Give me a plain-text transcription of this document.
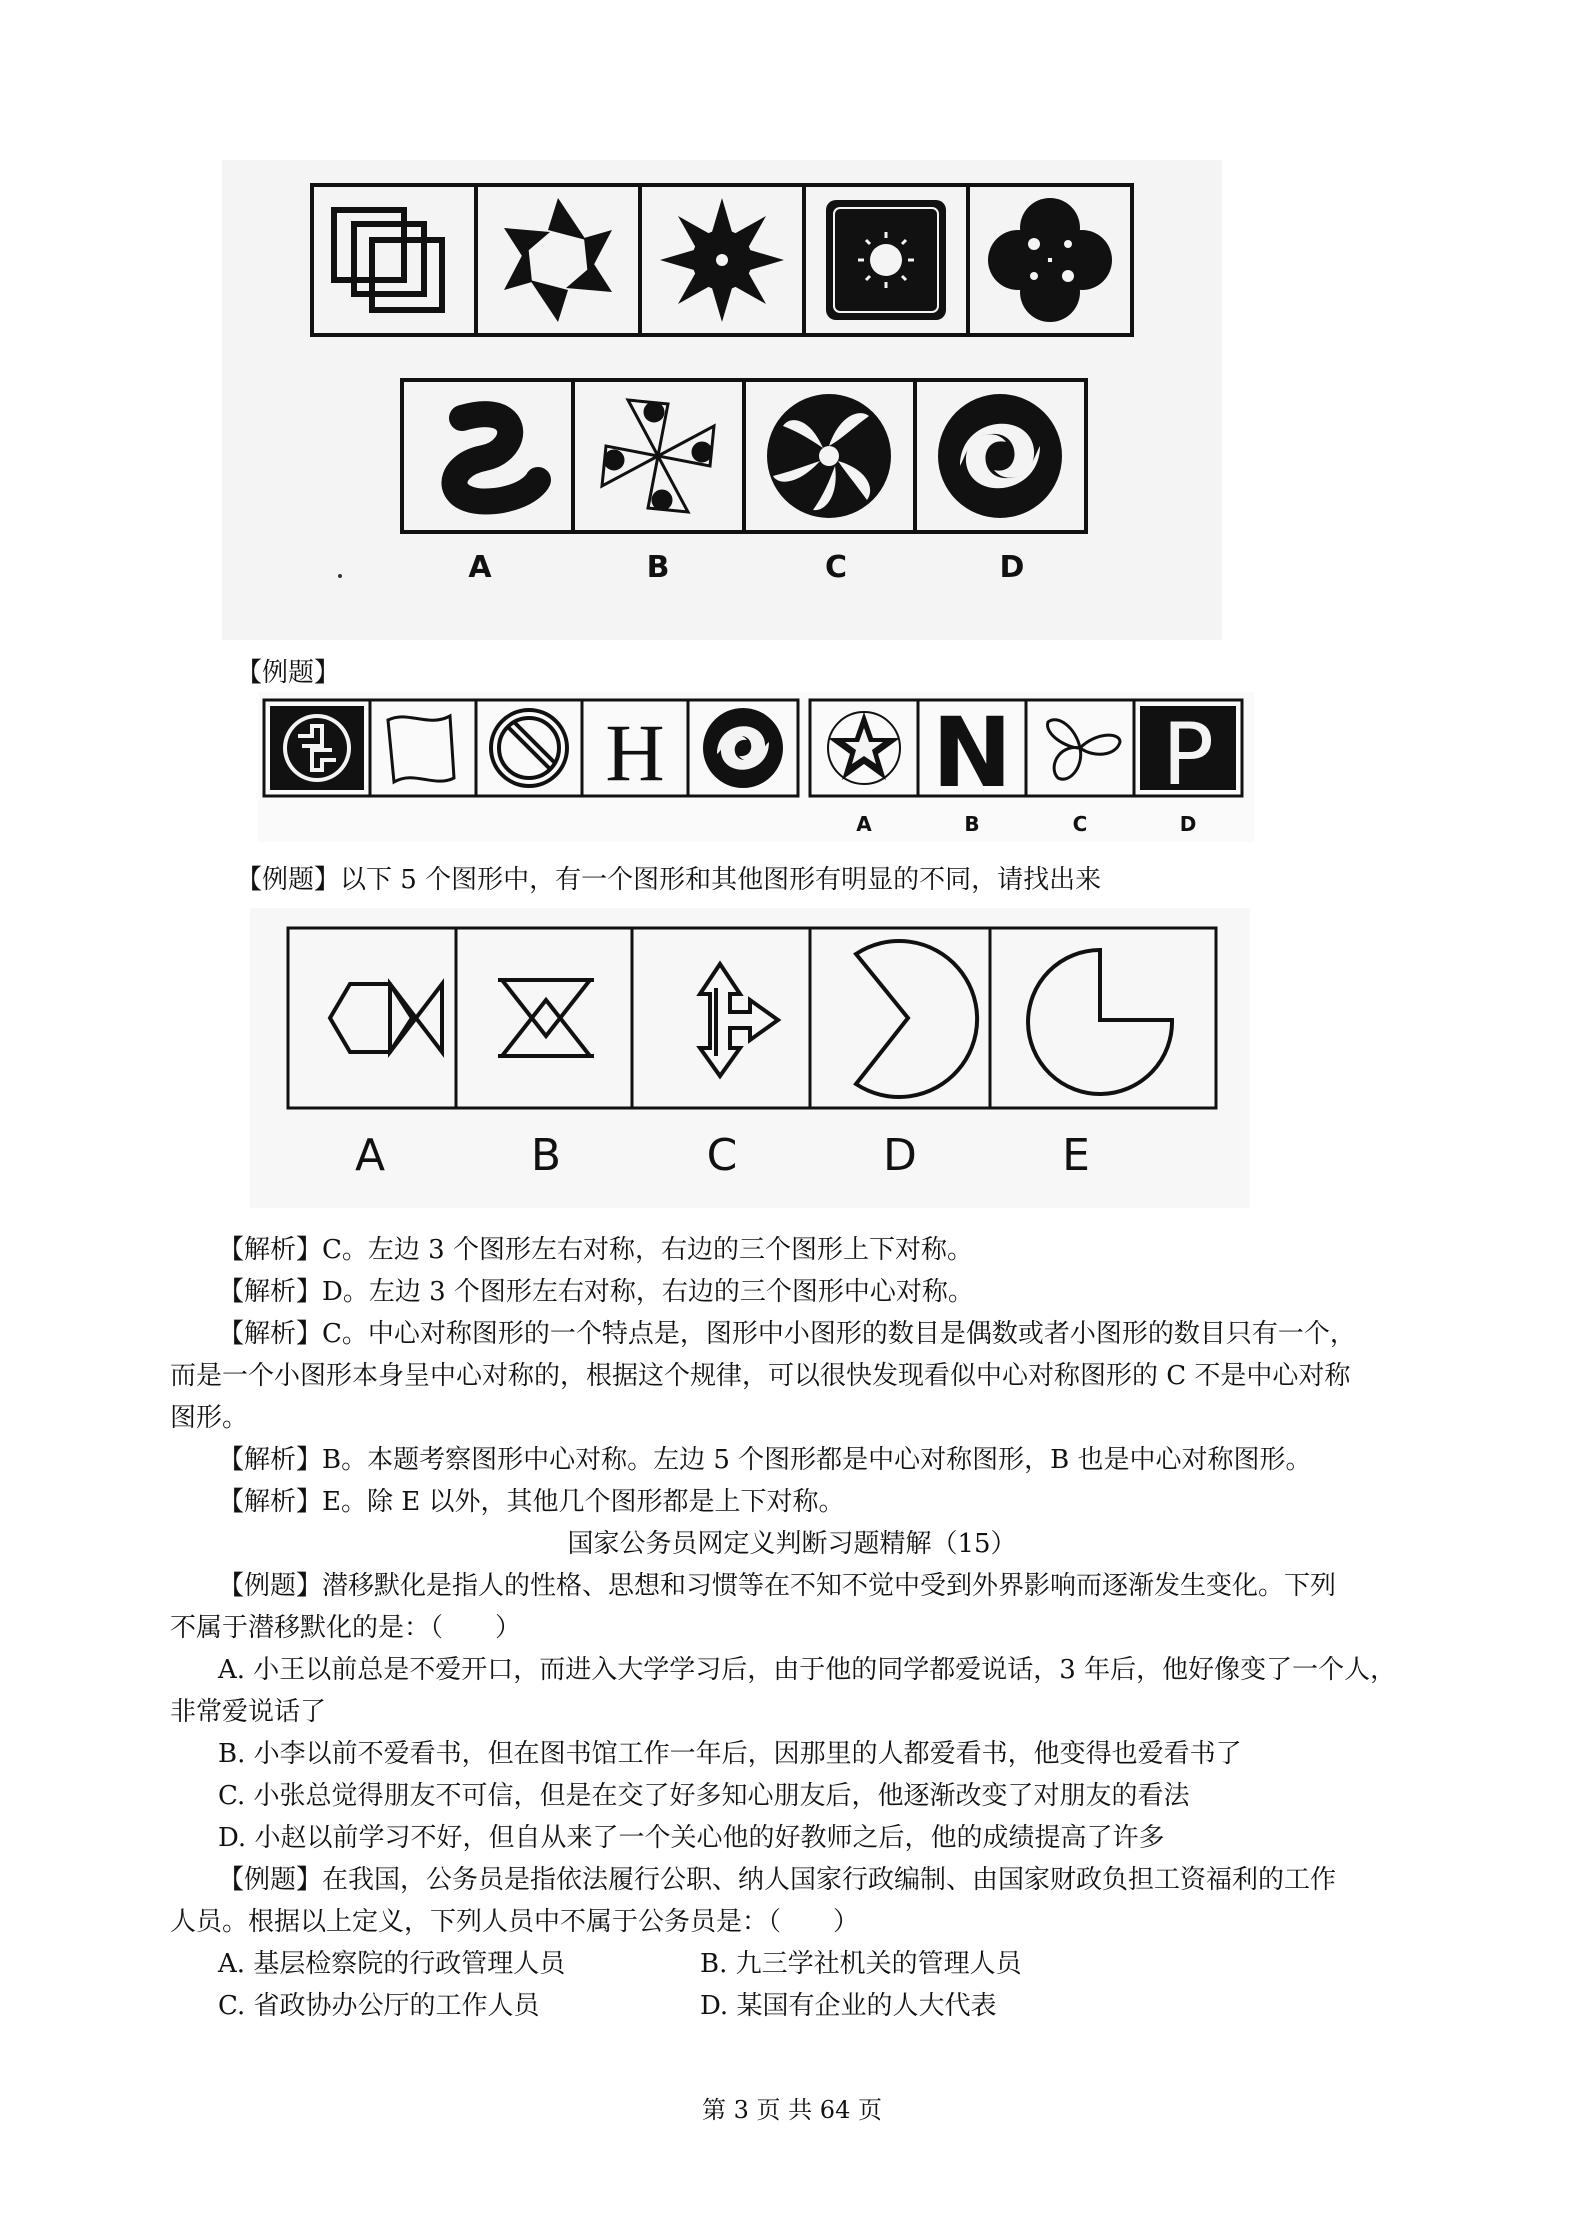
A	B	C	D
【例题】
H	N P
A	B	C	D
【例题】以下 5 个图形中，有一个图形和其他图形有明显的不同，请找出来
A	B	C	D	E
【解析】C。左边 3 个图形左右对称，右边的三个图形上下对称。
【解析】D。左边 3 个图形左右对称，右边的三个图形中心对称。
【解析】C。中心对称图形的一个特点是，图形中小图形的数目是偶数或者小图形的数目只有一个，
而是一个小图形本身呈中心对称的，根据这个规律，可以很快发现看似中心对称图形的 C 不是中心对称
图形。
【解析】B。本题考察图形中心对称。左边 5 个图形都是中心对称图形，B 也是中心对称图形。
【解析】E。除 E 以外，其他几个图形都是上下对称。
国家公务员网定义判断习题精解（15）
【例题】潜移默化是指人的性格、思想和习惯等在不知不觉中受到外界影响而逐渐发生变化。下列
不属于潜移默化的是：（　　）
A. 小王以前总是不爱开口，而进入大学学习后，由于他的同学都爱说话，3 年后，他好像变了一个人，
非常爱说话了
B. 小李以前不爱看书，但在图书馆工作一年后，因那里的人都爱看书，他变得也爱看书了
C. 小张总觉得朋友不可信，但是在交了好多知心朋友后，他逐渐改变了对朋友的看法
D. 小赵以前学习不好，但自从来了一个关心他的好教师之后，他的成绩提高了许多
【例题】在我国，公务员是指依法履行公职、纳人国家行政编制、由国家财政负担工资福利的工作
人员。根据以上定义，下列人员中不属于公务员是：（　　）
A. 基层检察院的行政管理人员	B. 九三学社机关的管理人员
C. 省政协办公厅的工作人员	D. 某国有企业的人大代表
第 3 页 共 64 页
